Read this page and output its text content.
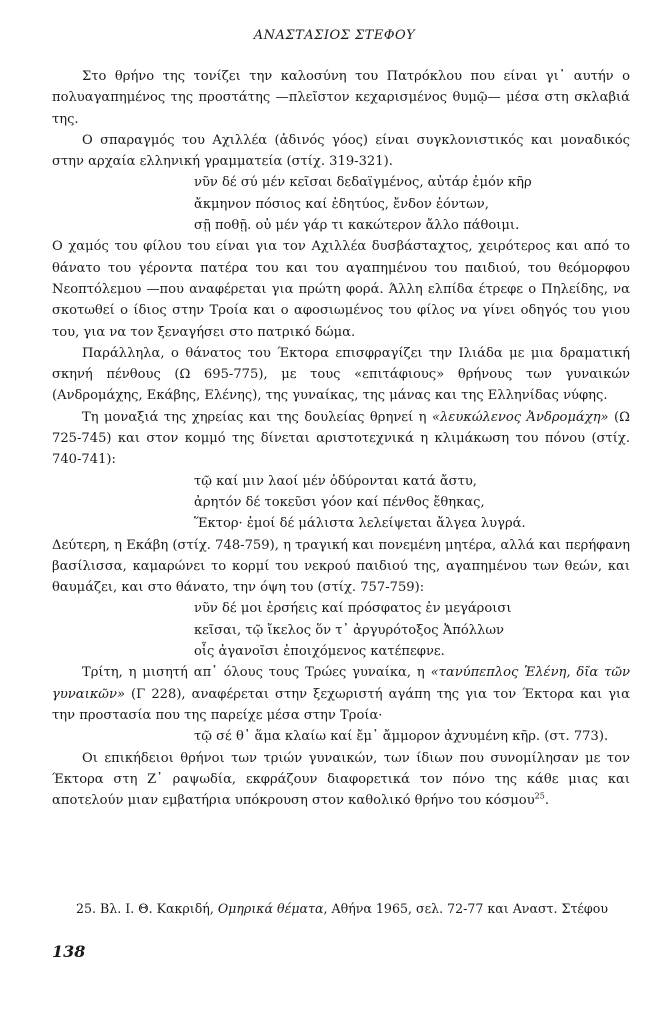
ΑΝΑΣΤΑΣΙΟΣ ΣΤΕΦΟΥ

Στο θρήνο της τονίζει την καλοσύνη του Πατρόκλου που είναι γι᾽ αυτήν ο πολυαγαπημένος της προστάτης —πλεῖστον κεχαρισμένος θυμῷ— μέσα στη σκλαβιά της.

Ο σπαραγμός του Αχιλλέα (ἀδινός γόος) είναι συγκλονιστικός και μοναδικός στην αρχαία ελληνική γραμματεία (στίχ. 319-321).

νῦν δέ σύ μέν κεῖσαι δεδαϊγμένος, αὐτάρ ἐμόν κῆρ
ἄκμηνον πόσιος καί ἐδητύος, ἔνδον ἐόντων,
σῇ ποθῇ. οὐ μέν γάρ τι κακώτερον ἄλλο πάθοιμι.

Ο χαμός του φίλου του είναι για τον Αχιλλέα δυσβάσταχτος, χειρότερος και από το θάνατο του γέροντα πατέρα του και του αγαπημένου του παιδιού, του θεόμορφου Νεοπτόλεμου —που αναφέρεται για πρώτη φορά. Άλλη ελπίδα έτρεφε ο Πηλείδης, να σκοτωθεί ο ίδιος στην Τροία και ο αφοσιωμένος του φίλος να γίνει οδηγός του γιου του, για να τον ξεναγήσει στο πατρικό δώμα.

Παράλληλα, ο θάνατος του Έκτορα επισφραγίζει την Ιλιάδα με μια δραματική σκηνή πένθους (Ω 695-775), με τους «επιτάφιους» θρήνους των γυναικών (Ανδρομάχης, Εκάβης, Ελένης), της γυναίκας, της μάνας και της Ελληνίδας νύφης.

Τη μοναξιά της χηρείας και της δουλείας θρηνεί η «λευκώλενος Ἀνδρομάχη» (Ω 725-745) και στον κομμό της δίνεται αριστοτεχνικά η κλιμάκωση του πόνου (στίχ. 740-741):

τῷ καί μιν λαοί μέν ὀδύρονται κατά ἄστυ,
ἀρητόν δέ τοκεῦσι γόον καί πένθος ἔθηκας,
Ἕκτορ· ἐμοί δέ μάλιστα λελείψεται ἄλγεα λυγρά.

Δεύτερη, η Εκάβη (στίχ. 748-759), η τραγική και πονεμένη μητέρα, αλλά και περήφανη βασίλισσα, καμαρώνει το κορμί του νεκρού παιδιού της, αγαπημένου των θεών, και θαυμάζει, και στο θάνατο, την όψη του (στίχ. 757-759):

νῦν δέ μοι ἑρσήεις καί πρόσφατος ἐν μεγάροισι
κεῖσαι, τῷ ἴκελος ὅν τ᾽ ἀργυρότοξος Ἀπόλλων
οἷς ἀγανοῖσι ἐποιχόμενος κατέπεφνε.

Τρίτη, η μισητή απ᾽ όλους τους Τρώες γυναίκα, η «τανύπεπλος Ἑλένη, δῖα τῶν γυναικῶν» (Γ 228), αναφέρεται στην ξεχωριστή αγάπη της για τον Έκτορα και για την προστασία που της παρείχε μέσα στην Τροία·

τῷ σέ θ᾽ ἅμα κλαίω καί ἔμ᾽ ἄμμορον ἀχνυμένη κῆρ. (στ. 773).

Οι επικήδειοι θρήνοι των τριών γυναικών, των ίδιων που συνομίλησαν με τον Έκτορα στη Ζ᾽ ραψωδία, εκφράζουν διαφορετικά τον πόνο της κάθε μιας και αποτελούν μιαν εμβατήρια υπόκρουση στον καθολικό θρήνο του κόσμου$^{25}$.

25. Βλ. Ι. Θ. Κακριδή, Ομηρικά θέματα, Αθήνα 1965, σελ. 72-77 και Αναστ. Στέφου
138
